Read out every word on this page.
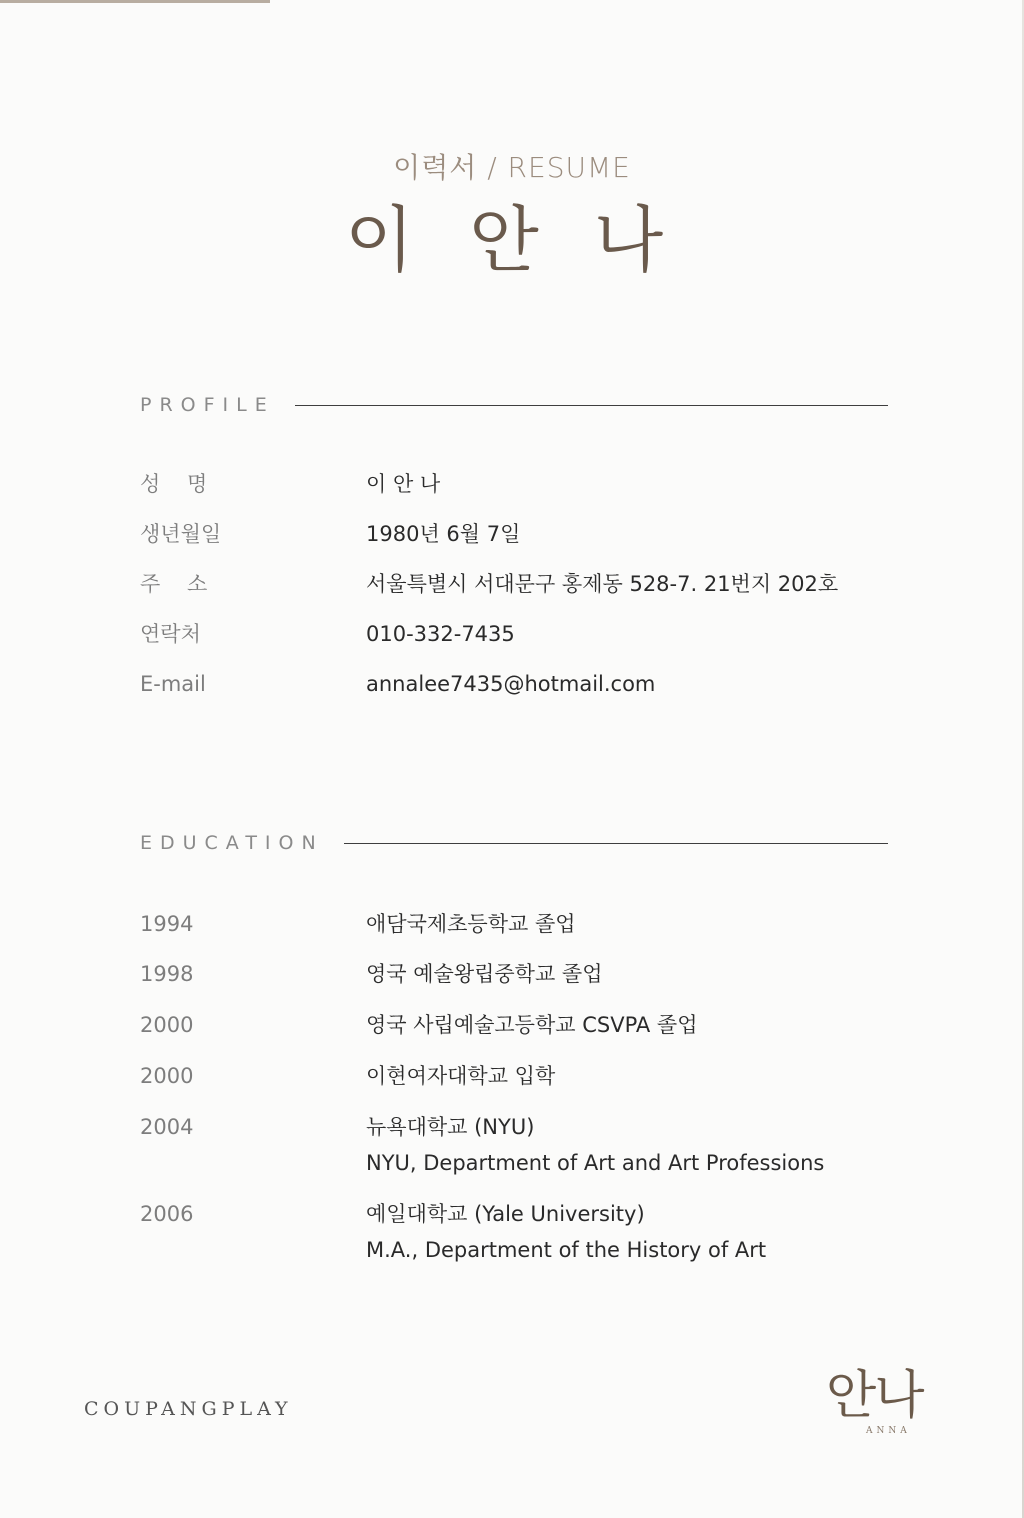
이력서 / RESUME
이 안 나
PROFILE
성 명	이 안 나
생년월일	1980년 6월 7일
주 소	서울특별시 서대문구 홍제동 528-7. 21번지 202호
연락처	010-332-7435
E-mail	annalee7435@hotmail.com
EDUCATION
1994	애담국제초등학교 졸업
1998	영국 예술왕립중학교 졸업
2000	영국 사립예술고등학교 CSVPA 졸업
2000	이현여자대학교 입학
2004	뉴욕대학교 (NYU)
NYU, Department of Art and Art Professions
2006	예일대학교 (Yale University)
M.A., Department of the History of Art
COUPANGPLAY	안나
ANNA
